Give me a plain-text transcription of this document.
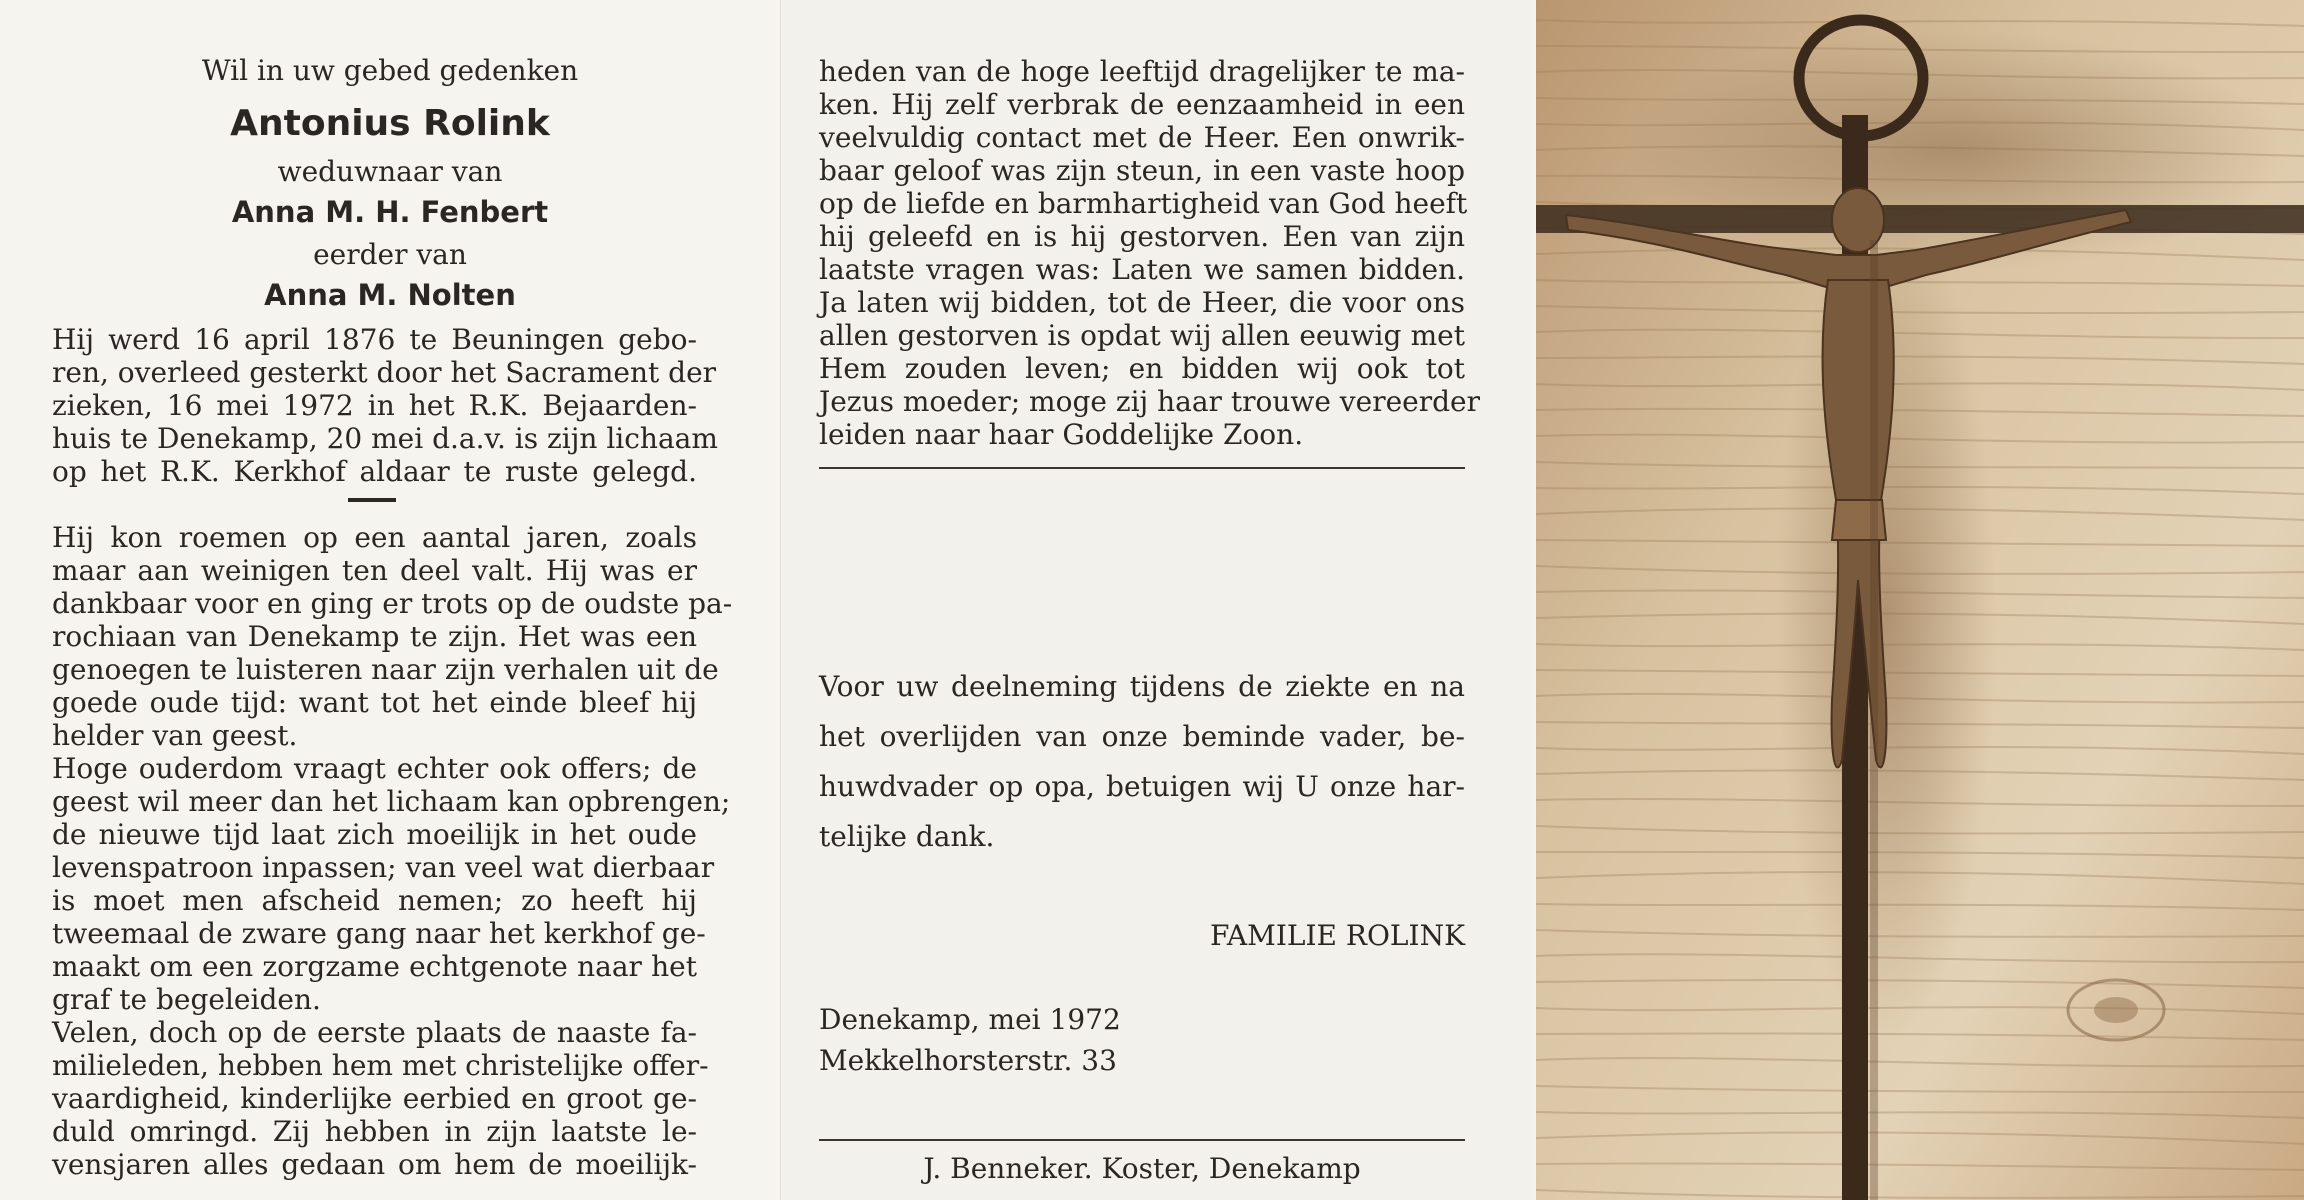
Wil in uw gebed gedenken
Antonius Rolink
weduwnaar van
Anna M. H. Fenbert
eerder van
Anna M. Nolten
Hij werd 16 april 1876 te Beuningen gebo-
ren, overleed gesterkt door het Sacrament der
zieken, 16 mei 1972 in het R.K. Bejaarden-
huis te Denekamp, 20 mei d.a.v. is zijn lichaam
op het R.K. Kerkhof aldaar te ruste gelegd.
Hij kon roemen op een aantal jaren, zoals
maar aan weinigen ten deel valt. Hij was er
dankbaar voor en ging er trots op de oudste pa-
rochiaan van Denekamp te zijn. Het was een
genoegen te luisteren naar zijn verhalen uit de
goede oude tijd: want tot het einde bleef hij
helder van geest.
Hoge ouderdom vraagt echter ook offers; de
geest wil meer dan het lichaam kan opbrengen;
de nieuwe tijd laat zich moeilijk in het oude
levenspatroon inpassen; van veel wat dierbaar
is moet men afscheid nemen; zo heeft hij
tweemaal de zware gang naar het kerkhof ge-
maakt om een zorgzame echtgenote naar het
graf te begeleiden.
Velen, doch op de eerste plaats de naaste fa-
milieleden, hebben hem met christelijke offer-
vaardigheid, kinderlijke eerbied en groot ge-
duld omringd. Zij hebben in zijn laatste le-
vensjaren alles gedaan om hem de moeilijk-
heden van de hoge leeftijd dragelijker te ma-
ken. Hij zelf verbrak de eenzaamheid in een
veelvuldig contact met de Heer. Een onwrik-
baar geloof was zijn steun, in een vaste hoop
op de liefde en barmhartigheid van God heeft
hij geleefd en is hij gestorven. Een van zijn
laatste vragen was: Laten we samen bidden.
Ja laten wij bidden, tot de Heer, die voor ons
allen gestorven is opdat wij allen eeuwig met
Hem zouden leven; en bidden wij ook tot
Jezus moeder; moge zij haar trouwe vereerder
leiden naar haar Goddelijke Zoon.
Voor uw deelneming tijdens de ziekte en na
het overlijden van onze beminde vader, be-
huwdvader op opa, betuigen wij U onze har-
telijke dank.
FAMILIE ROLINK
Denekamp, mei 1972
Mekkelhorsterstr. 33
J. Benneker. Koster, Denekamp
